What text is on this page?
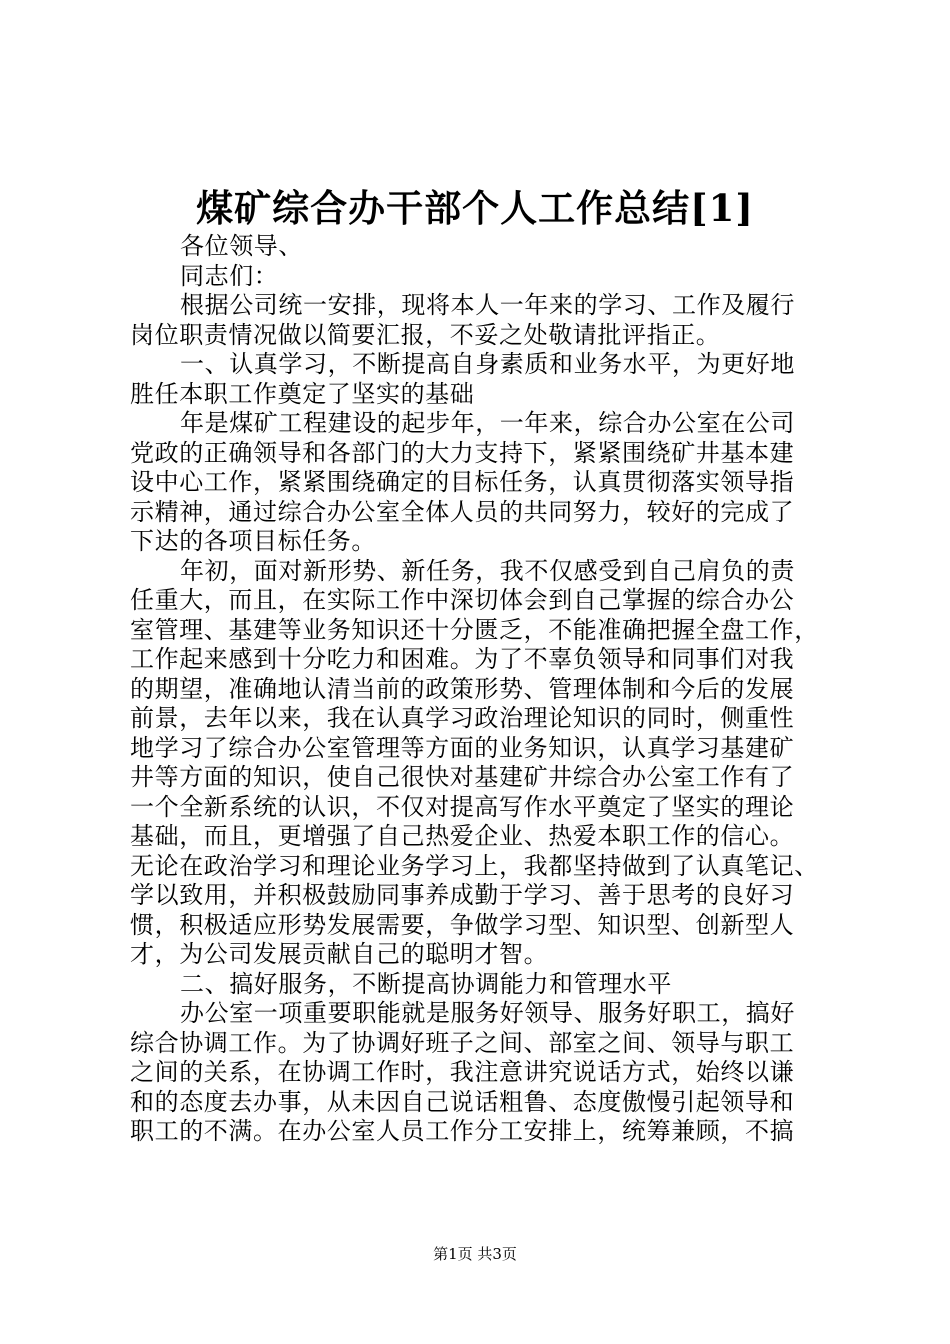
煤矿综合办干部个人工作总结[1]
各位领导、
同志们：
根据公司统一安排，现将本人一年来的学习、工作及履行
岗位职责情况做以简要汇报，不妥之处敬请批评指正。
一、认真学习，不断提高自身素质和业务水平，为更好地
胜任本职工作奠定了坚实的基础
年是煤矿工程建设的起步年，一年来，综合办公室在公司
党政的正确领导和各部门的大力支持下，紧紧围绕矿井基本建
设中心工作，紧紧围绕确定的目标任务，认真贯彻落实领导指
示精神，通过综合办公室全体人员的共同努力，较好的完成了
下达的各项目标任务。
年初，面对新形势、新任务，我不仅感受到自己肩负的责
任重大，而且，在实际工作中深切体会到自己掌握的综合办公
室管理、基建等业务知识还十分匮乏，不能准确把握全盘工作，
工作起来感到十分吃力和困难。为了不辜负领导和同事们对我
的期望，准确地认清当前的政策形势、管理体制和今后的发展
前景，去年以来，我在认真学习政治理论知识的同时，侧重性
地学习了综合办公室管理等方面的业务知识，认真学习基建矿
井等方面的知识，使自己很快对基建矿井综合办公室工作有了
一个全新系统的认识，不仅对提高写作水平奠定了坚实的理论
基础，而且，更增强了自己热爱企业、热爱本职工作的信心。
无论在政治学习和理论业务学习上，我都坚持做到了认真笔记、
学以致用，并积极鼓励同事养成勤于学习、善于思考的良好习
惯，积极适应形势发展需要，争做学习型、知识型、创新型人
才，为公司发展贡献自己的聪明才智。
二、搞好服务，不断提高协调能力和管理水平
办公室一项重要职能就是服务好领导、服务好职工，搞好
综合协调工作。为了协调好班子之间、部室之间、领导与职工
之间的关系，在协调工作时，我注意讲究说话方式，始终以谦
和的态度去办事，从未因自己说话粗鲁、态度傲慢引起领导和
职工的不满。在办公室人员工作分工安排上，统筹兼顾，不搞
第1页 共3页
